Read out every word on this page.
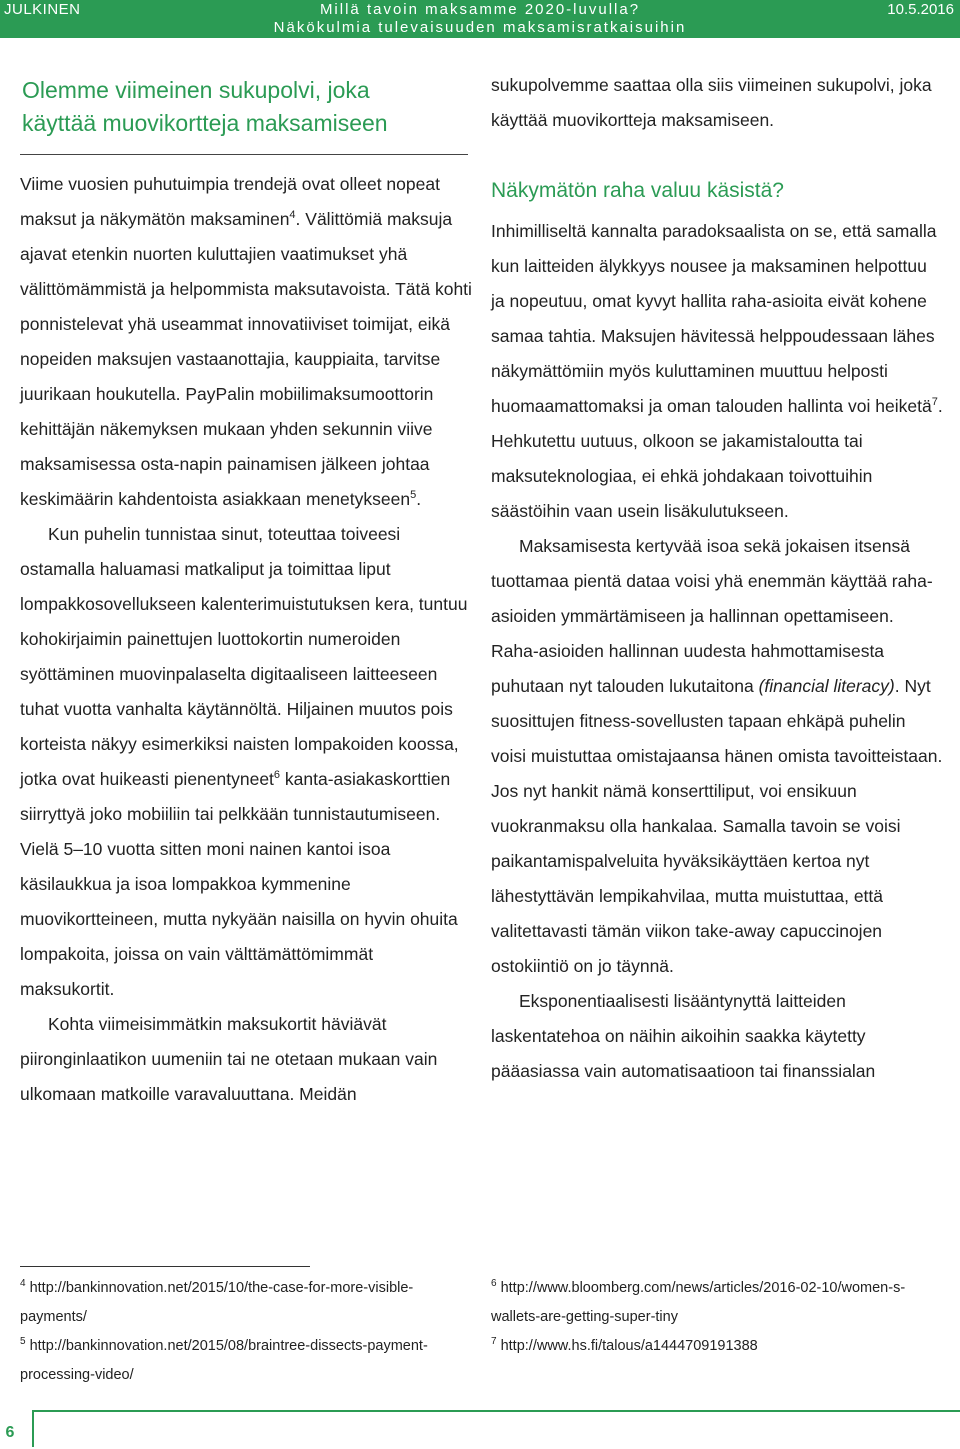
JULKINEN	Millä tavoin maksamme 2020-luvulla?
Näkökulmia tulevaisuuden maksamisratkaisuihin
10.5.2016
Olemme viimeinen sukupolvi, joka
käyttää muovikortteja maksamiseen

Viime vuosien puhutuimpia trendejä ovat olleet nopeat maksut ja näkymätön maksaminen$^4$. Välittömiä maksuja ajavat etenkin nuorten kuluttajien vaatimukset yhä välittömämmistä ja helpommista maksutavoista. Tätä kohti ponnistelevat yhä useammat innovatiiviset toimijat, eikä nopeiden maksujen vastaanottajia, kauppiaita, tarvitse juurikaan houkutella. PayPalin mobiilimaksumoottorin kehittäjän näkemyksen mukaan yhden sekunnin viive maksamisessa osta-napin painamisen jälkeen johtaa keskimäärin kahdentoista asiakkaan menetykseen$^5$.

Kun puhelin tunnistaa sinut, toteuttaa toiveesi ostamalla haluamasi matkaliput ja toimittaa liput lompakkosovellukseen kalenterimuistutuksen kera, tuntuu kohokirjaimin painettujen luottokortin numeroiden syöttäminen muovinpalaselta digitaaliseen laitteeseen tuhat vuotta vanhalta käytännöltä. Hiljainen muutos pois korteista näkyy esimerkiksi naisten lompakoiden koossa, jotka ovat huikeasti pienentyneet$^6$ kanta-asiakaskorttien siirryttyä joko mobiiliin tai pelkkään tunnistautumiseen. Vielä 5–10 vuotta sitten moni nainen kantoi isoa käsilaukkua ja isoa lompakkoa kymmenine muovikortteineen, mutta nykyään naisilla on hyvin ohuita lompakoita, joissa on vain välttämättömimmät maksukortit.

Kohta viimeisimmätkin maksukortit häviävät piironginlaatikon uumeniin tai ne otetaan mukaan vain ulkomaan matkoille varavaluuttana. Meidän

sukupolvemme saattaa olla siis viimeinen sukupolvi, joka käyttää muovikortteja maksamiseen.

Näkymätön raha valuu käsistä?

Inhimilliseltä kannalta paradoksaalista on se, että samalla kun laitteiden älykkyys nousee ja maksaminen helpottuu ja nopeutuu, omat kyvyt hallita raha-asioita eivät kohene samaa tahtia. Maksujen hävitessä helppoudessaan lähes näkymättömiin myös kuluttaminen muuttuu helposti huomaamattomaksi ja oman talouden hallinta voi heiketä$^7$. Hehkutettu uutuus, olkoon se jakamistaloutta tai maksuteknologiaa, ei ehkä johdakaan toivottuihin säästöihin vaan usein lisäkulutukseen.

Maksamisesta kertyvää isoa sekä jokaisen itsensä tuottamaa pientä dataa voisi yhä enemmän käyttää raha-asioiden ymmärtämiseen ja hallinnan opettamiseen. Raha-asioiden hallinnan uudesta hahmottamisesta puhutaan nyt talouden lukutaitona (financial literacy). Nyt suosittujen fitness-sovellusten tapaan ehkäpä puhelin voisi muistuttaa omistajaansa hänen omista tavoitteistaan. Jos nyt hankit nämä konserttiliput, voi ensikuun vuokranmaksu olla hankalaa. Samalla tavoin se voisi paikantamispalveluita hyväksikäyttäen kertoa nyt lähestyttävän lempikahvilaa, mutta muistuttaa, että valitettavasti tämän viikon take-away capuccinojen ostokiintiö on jo täynnä.

Eksponentiaalisesti lisääntynyttä laitteiden laskentatehoa on näihin aikoihin saakka käytetty pääasiassa vain automatisaatioon tai finanssialan

$^4$ http://bankinnovation.net/2015/10/the-case-for-more-visible-payments/
$^5$ http://bankinnovation.net/2015/08/braintree-dissects-payment-processing-video/
$^6$ http://www.bloomberg.com/news/articles/2016-02-10/women-s-wallets-are-getting-super-tiny
$^7$ http://www.hs.fi/talous/a1444709191388
6
